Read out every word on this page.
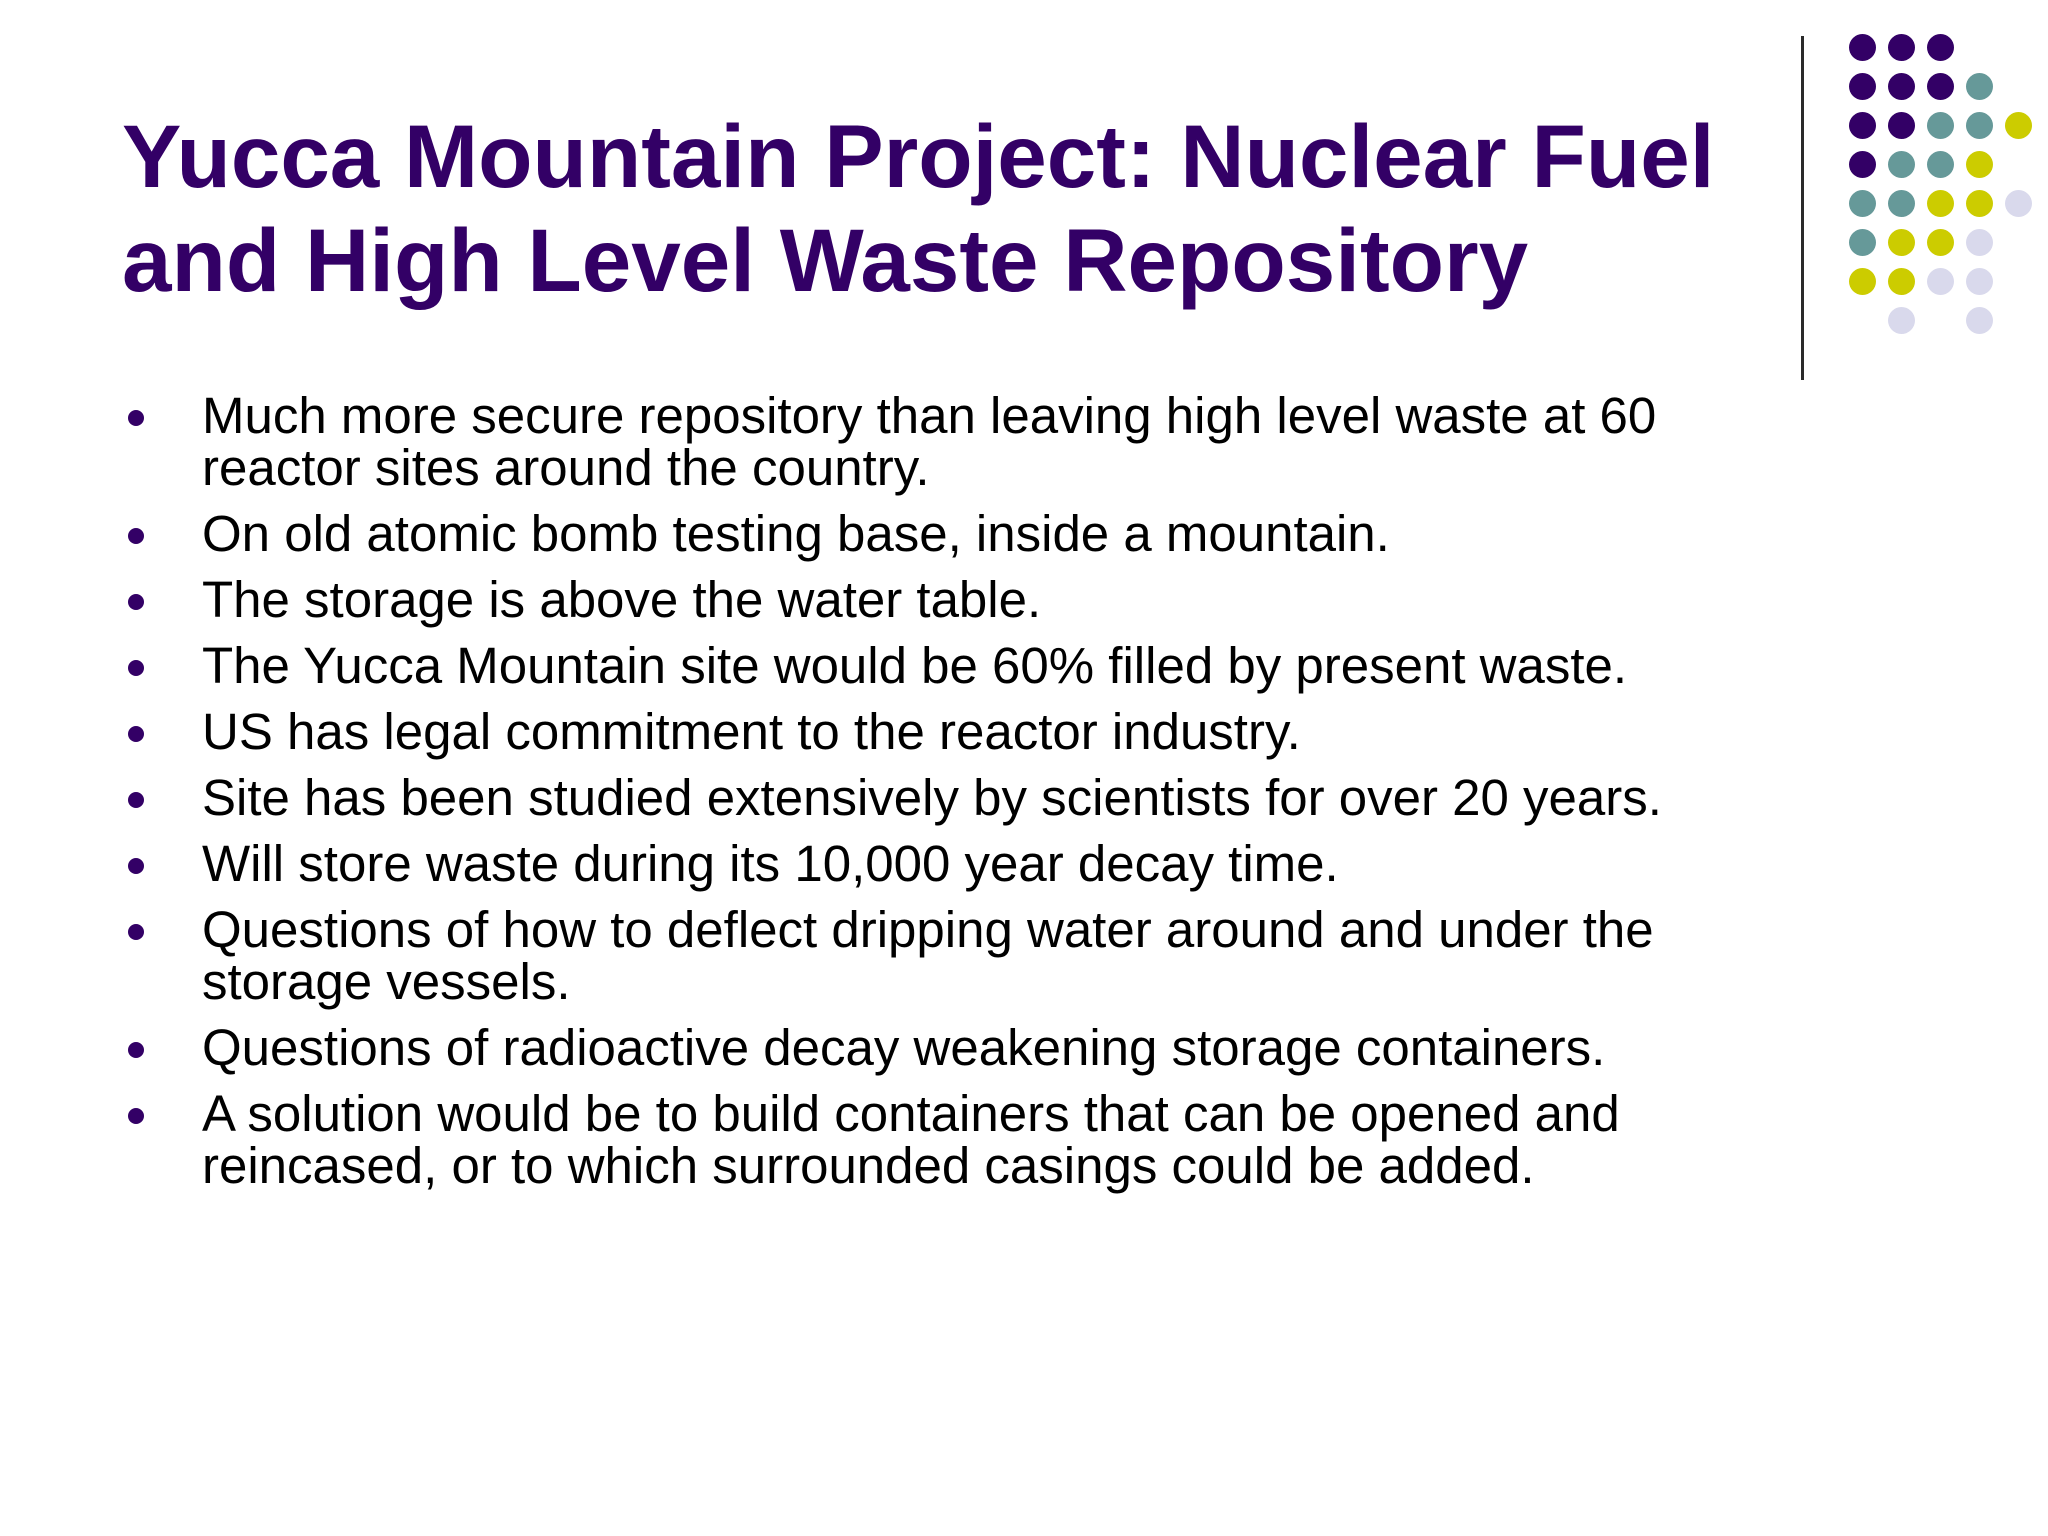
Yucca Mountain Project: Nuclear Fuel
and High Level Waste Repository
Much more secure repository than leaving high level waste at 60
reactor sites around the country.
On old atomic bomb testing base, inside a mountain.
The storage is above the water table.
The Yucca Mountain site would be 60% filled by present waste.
US has legal commitment to the reactor industry.
Site has been studied extensively by scientists for over 20 years.
Will store waste during its 10,000 year decay time.
Questions of how to deflect dripping water around and under the
storage vessels.
Questions of radioactive decay weakening storage containers.
A solution would be to build containers that can be opened and
reincased, or to which surrounded casings could be added.
